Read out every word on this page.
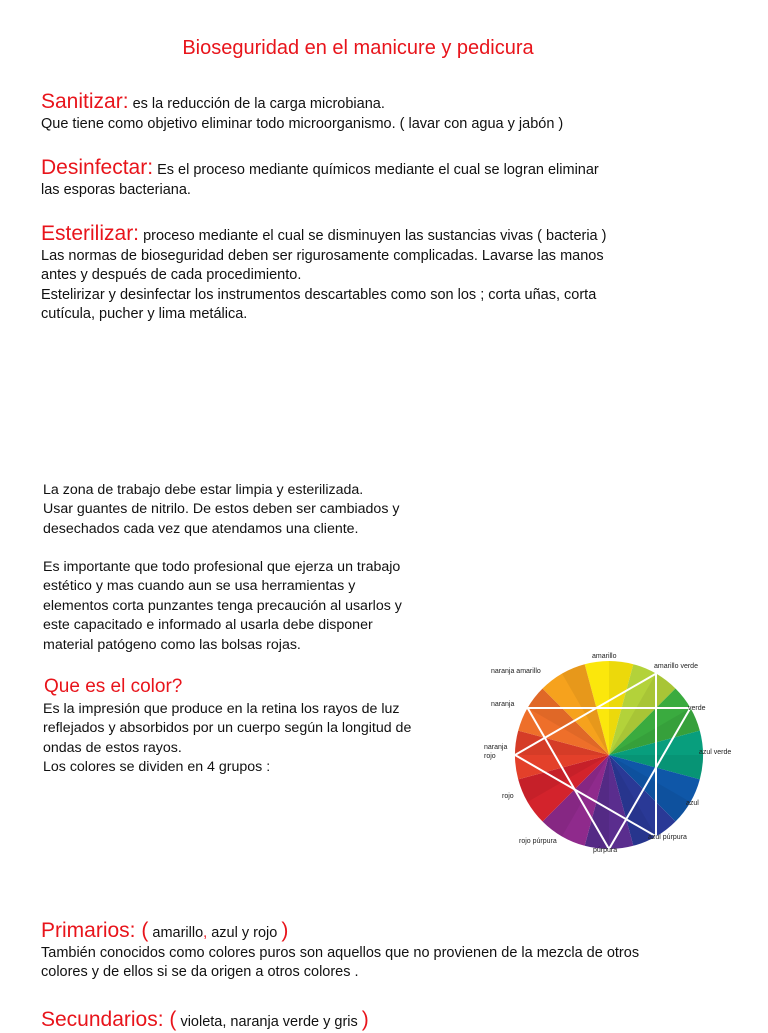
Bioseguridad en el manicure y pedicura
Sanitizar: es la reducción de la carga microbiana.
Que tiene como objetivo eliminar todo microorganismo. ( lavar con agua y jabón )
Desinfectar: Es el proceso mediante químicos mediante el cual se logran eliminar
las esporas bacteriana.
Esterilizar: proceso mediante el cual se disminuyen las sustancias vivas ( bacteria )
Las normas de bioseguridad deben ser rigurosamente complicadas. Lavarse las manos
antes y después de cada procedimiento.
Estelirizar y desinfectar los instrumentos descartables como son los ; corta uñas, corta
cutícula, pucher y lima metálica.
La zona de trabajo debe estar limpia y esterilizada.
Usar guantes de nitrilo. De estos deben ser cambiados y
desechados cada vez que atendamos una cliente.
Es importante que todo profesional que ejerza un trabajo
estético y mas cuando aun se usa herramientas y
elementos corta punzantes tenga precaución al usarlos y
este capacitado e informado al usarla debe disponer
material patógeno como las bolsas rojas.
Que es el color?
Es la impresión que produce en la retina los rayos de luz
reflejados y absorbidos por un cuerpo según la longitud de
ondas de estos rayos.
Los colores se dividen en 4 grupos :
amarillo
amarillo verde
naranja amarillo
naranja
verde
naranja
rojo
azul verde
rojo
azul
azul púrpura
rojo púrpura
púrpura
Primarios: ( amarillo, azul y rojo )
También conocidos como colores puros son aquellos que no provienen de la mezcla de otros
colores y de ellos si se da origen a otros colores .
Secundarios: ( violeta, naranja verde y gris )
